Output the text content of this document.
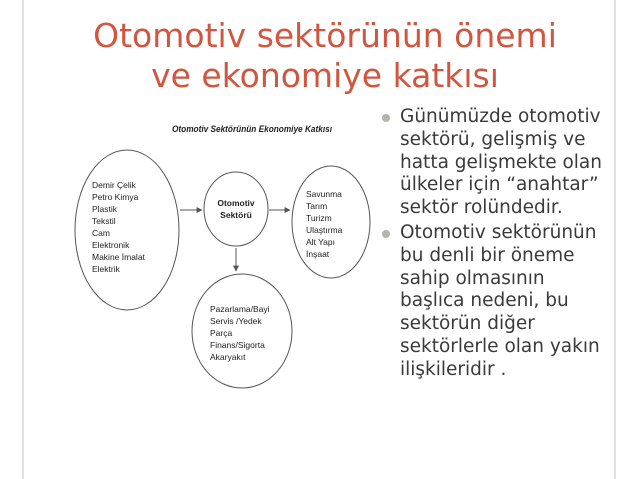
Otomotiv sektörünün önemi
ve ekonomiye katkısı
Otomotiv Sektörünün Ekonomiye Katkısı
Demir Çelik
Petro Kimya
Plastik
Tekstil
Cam
Elektronik
Makine İmalat
Elektrik
Otomotiv
Sektörü
Savunma
Tarım
Turizm
Ulaştırma
Alt Yapı
İnşaat
Pazarlama/Bayi
Servis /Yedek
Parça
Finans/Sigorta
Akaryakıt
Günümüzde otomotiv sektörü, gelişmiş ve hatta gelişmekte olan ülkeler için “anahtar” sektör rolündedir.
Otomotiv sektörünün bu denli bir öneme sahip olmasının başlıca nedeni, bu sektörün diğer sektörlerle olan yakın ilişkileridir .
